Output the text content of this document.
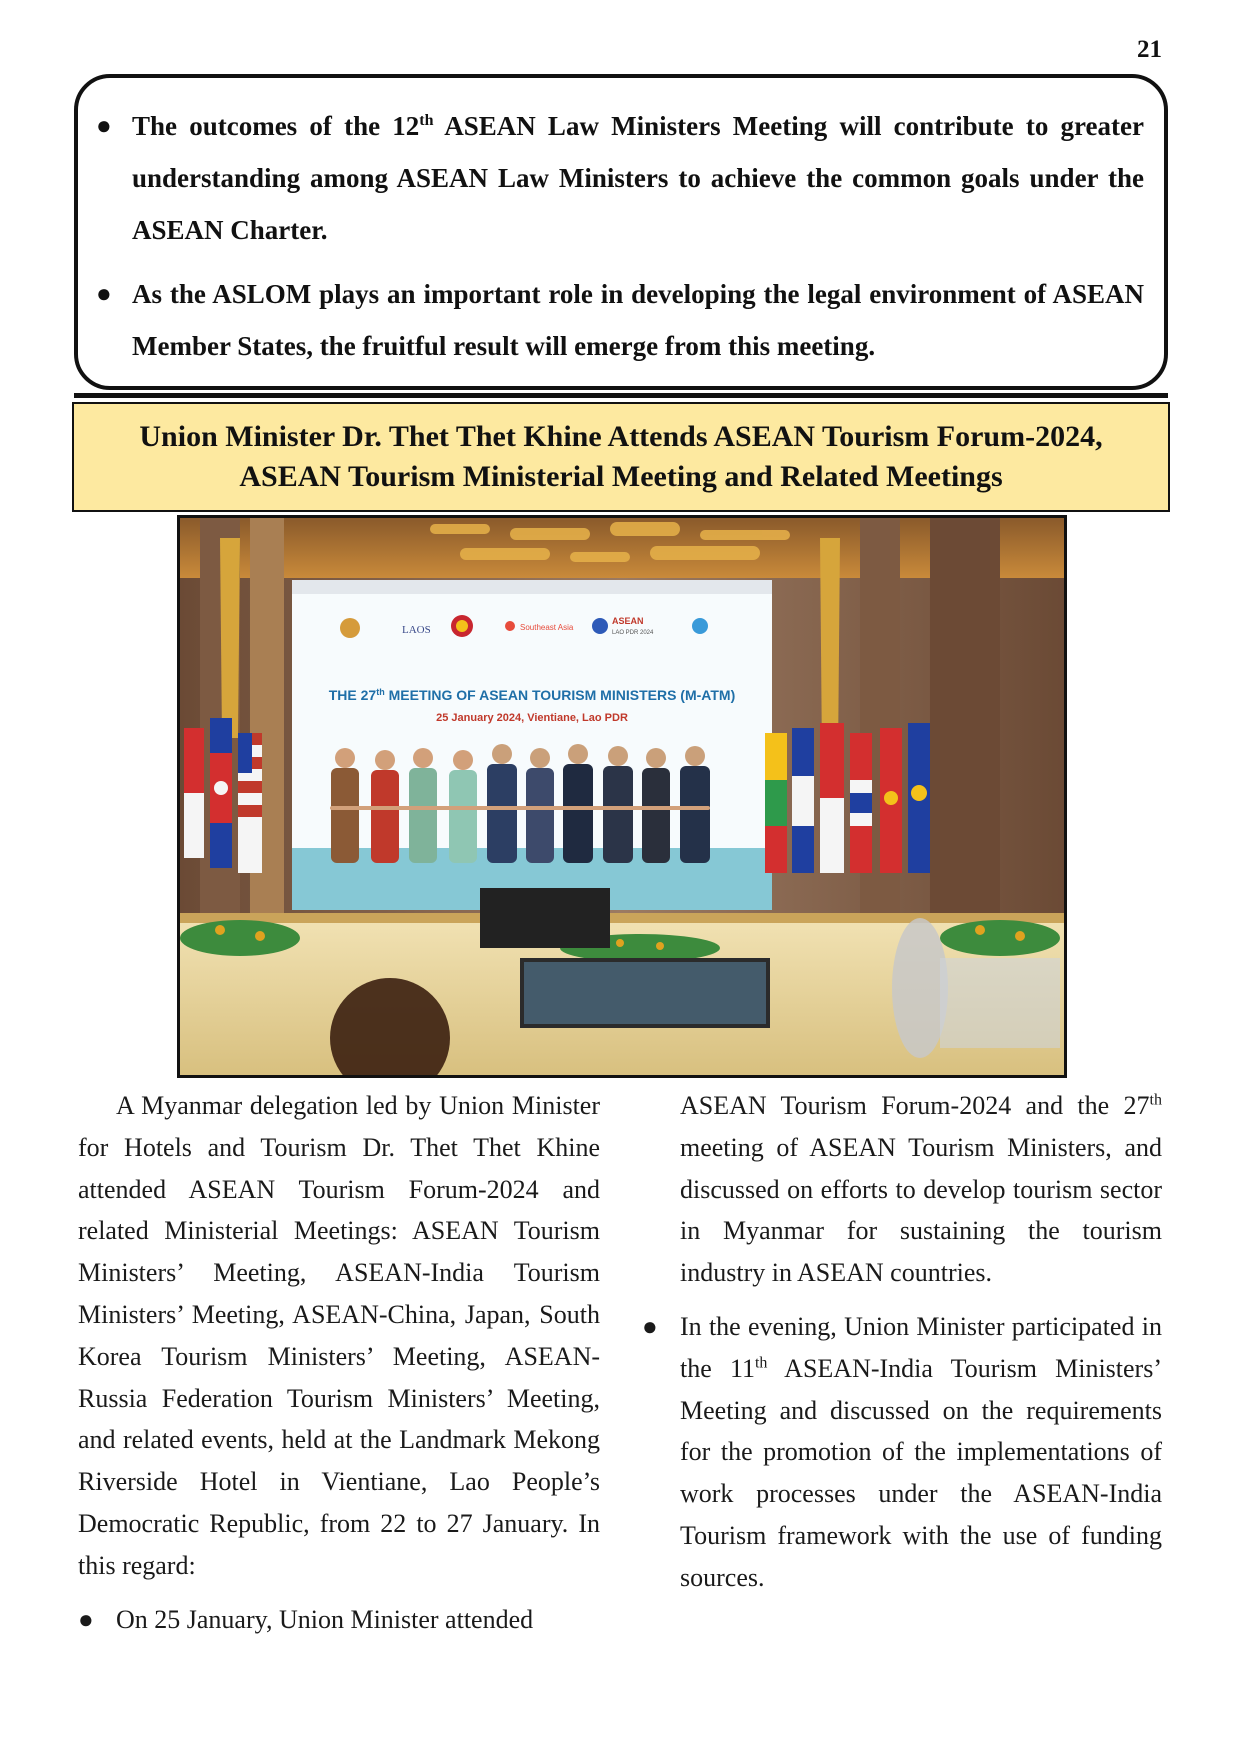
21
● The outcomes of the 12th ASEAN Law Ministers Meeting will contribute to greater understanding among ASEAN Law Ministers to achieve the common goals under the ASEAN Charter.
● As the ASLOM plays an important role in developing the legal environment of ASEAN Member States, the fruitful result will emerge from this meeting.
Union Minister Dr. Thet Thet Khine Attends ASEAN Tourism Forum-2024,
ASEAN Tourism Ministerial Meeting and Related Meetings
LAOS	Southeast Asia
ASEAN
LAO PDR 2024
THE 27th MEETING OF ASEAN TOURISM MINISTERS (M-ATM)
25 January 2024, Vientiane, Lao PDR

A Myanmar delegation led by Union Minister for Hotels and Tourism Dr. Thet Thet Khine attended ASEAN Tourism Forum-2024 and related Ministerial Meetings: ASEAN Tourism Ministers’ Meeting, ASEAN-India Tourism Ministers’ Meeting, ASEAN-China, Japan, South Korea Tourism Ministers’ Meeting, ASEAN-Russia Federation Tourism Ministers’ Meeting, and related events, held at the Landmark Mekong Riverside Hotel in Vientiane, Lao People’s Democratic Republic, from 22 to 27 January. In this regard:

● On 25 January, Union Minister attended

ASEAN Tourism Forum-2024 and the 27th meeting of ASEAN Tourism Ministers, and discussed on efforts to develop tourism sector in Myanmar for sustaining the tourism industry in ASEAN countries.

● In the evening, Union Minister participated in the 11th ASEAN-India Tourism Ministers’ Meeting and discussed on the requirements for the promotion of the implementations of work processes under the ASEAN-India Tourism framework with the use of funding sources.
